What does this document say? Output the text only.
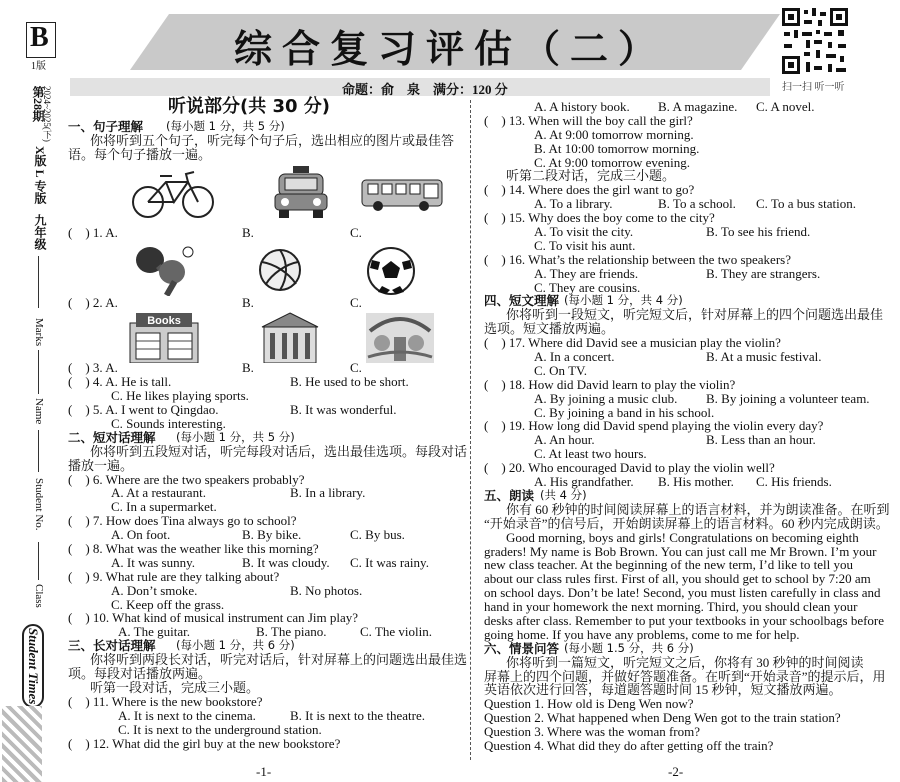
B
1版
第28期
2024~2025(下)
X版 L 专版
九年级
Marks
Name
Student No.
Class
Student Times
综合复习评估（二）
扫一扫 听一听
命题：俞　泉　满分：120 分
听说部分(共 30 分)
一、句子理解 (每小题 1 分，共 5 分)
你将听到五个句子，听完每个句子后，选出相应的图片或最佳答
语。每个句子播放一遍。
(　) 1. A.	B.	C.
(　) 2. A.	B.	C.
Books
(　) 3. A.	B.	C.
(　) 4. A. He is tall.	B. He used to be short.
C. He likes playing sports.
(　) 5. A. I went to Qingdao.	B. It was wonderful.
C. Sounds interesting.
二、短对话理解 (每小题 1 分，共 5 分)
你将听到五段短对话，听完每段对话后，选出最佳选项。每段对话
播放一遍。
(　) 6. Where are the two speakers probably?
A. At a restaurant.	B. In a library.
C. In a supermarket.
(　) 7. How does Tina always go to school?
A. On foot.	B. By bike.	C. By bus.
(　) 8. What was the weather like this morning?
A. It was sunny.	B. It was cloudy. C. It was rainy.
(　) 9. What rule are they talking about?
A. Don’t smoke.	B. No photos.
C. Keep off the grass.
(　) 10. What kind of musical instrument can Jim play?
A. The guitar.	B. The piano.	C. The violin.
三、长对话理解 (每小题 1 分，共 6 分)
你将听到两段长对话，听完对话后，针对屏幕上的问题选出最佳选
项。每段对话播放两遍。
听第一段对话，完成三小题。
(　) 11. Where is the new bookstore?
A. It is next to the cinema.	B. It is next to the theatre.
C. It is next to the underground station.
(　) 12. What did the girl buy at the new bookstore?
-1-
A. A history book. B. A magazine. C. A novel.
(　) 13. When will the boy call the girl?
A. At 9:00 tomorrow morning.
B. At 10:00 tomorrow morning.
C. At 9:00 tomorrow evening.
听第二段对话，完成三小题。
(　) 14. Where does the girl want to go?
A. To a library.	B. To a school. C. To a bus station.
(　) 15. Why does the boy come to the city?
A. To visit the city.	B. To see his friend.
C. To visit his aunt.
(　) 16. What’s the relationship between the two speakers?
A. They are friends.	B. They are strangers.
C. They are cousins.
四、短文理解 (每小题 1 分，共 4 分)
你将听到一段短文，听完短文后，针对屏幕上的四个问题选出最佳
选项。短文播放两遍。
(　) 17. Where did David see a musician play the violin?
A. In a concert.	B. At a music festival.
C. On TV.
(　) 18. How did David learn to play the violin?
A. By joining a music club. B. By joining a volunteer team.
C. By joining a band in his school.
(　) 19. How long did David spend playing the violin every day?
A. An hour.	B. Less than an hour.
C. At least two hours.
(　) 20. Who encouraged David to play the violin well?
A. His grandfather. B. His mother. C. His friends.
五、朗读 (共 4 分)
你有 60 秒钟的时间阅读屏幕上的语言材料，并为朗读准备。在听到
“开始录音”的信号后，开始朗读屏幕上的语言材料。60 秒内完成朗读。
Good morning, boys and girls! Congratulations on becoming eighth
graders! My name is Bob Brown. You can just call me Mr Brown. I’m your
new class teacher. At the beginning of the new term, I’d like to tell you
about our class rules first. First of all, you should get to school by 7:20 am
on school days. Don’t be late! Second, you must listen carefully in class and
hand in your homework the next morning. Third, you should clean your
desks after class. Remember to put your textbooks in your schoolbags before
going home. If you have any problems, come to me for help.
六、情景问答 (每小题 1.5 分，共 6 分)
你将听到一篇短文，听完短文之后，你将有 30 秒钟的时间阅读
屏幕上的四个问题，并做好答题准备。在听到“开始录音”的提示后，用
英语依次进行回答，每道题答题时间 15 秒钟，短文播放两遍。
Question 1. How old is Deng Wen now?
Question 2. What happened when Deng Wen got to the train station?
Question 3. Where was the woman from?
Question 4. What did they do after getting off the train?
-2-
